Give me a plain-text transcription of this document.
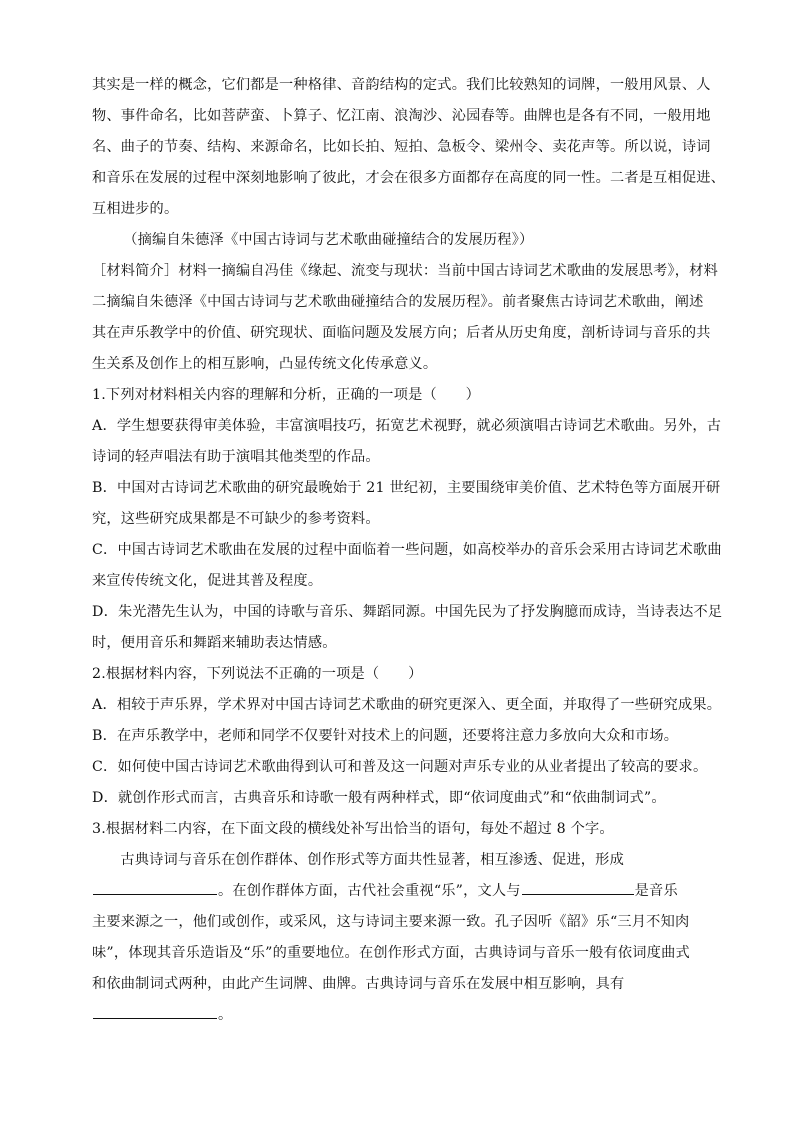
其实是一样的概念，它们都是一种格律、音韵结构的定式。我们比较熟知的词牌，一般用风景、人
物、事件命名，比如菩萨蛮、卜算子、忆江南、浪淘沙、沁园春等。曲牌也是各有不同，一般用地
名、曲子的节奏、结构、来源命名，比如长拍、短拍、急板令、梁州令、卖花声等。所以说，诗词
和音乐在发展的过程中深刻地影响了彼此，才会在很多方面都存在高度的同一性。二者是互相促进、
互相进步的。
（摘编自朱德泽《中国古诗词与艺术歌曲碰撞结合的发展历程》）
［材料简介］材料一摘编自冯佳《缘起、流变与现状：当前中国古诗词艺术歌曲的发展思考》，材料
二摘编自朱德泽《中国古诗词与艺术歌曲碰撞结合的发展历程》。前者聚焦古诗词艺术歌曲，阐述
其在声乐教学中的价值、研究现状、面临问题及发展方向；后者从历史角度，剖析诗词与音乐的共
生关系及创作上的相互影响，凸显传统文化传承意义。
1.下列对材料相关内容的理解和分析，正确的一项是（　　）
A．学生想要获得审美体验，丰富演唱技巧，拓宽艺术视野，就必须演唱古诗词艺术歌曲。另外，古
诗词的轻声唱法有助于演唱其他类型的作品。
B．中国对古诗词艺术歌曲的研究最晚始于 21 世纪初，主要围绕审美价值、艺术特色等方面展开研
究，这些研究成果都是不可缺少的参考资料。
C．中国古诗词艺术歌曲在发展的过程中面临着一些问题，如高校举办的音乐会采用古诗词艺术歌曲
来宣传传统文化，促进其普及程度。
D．朱光潜先生认为，中国的诗歌与音乐、舞蹈同源。中国先民为了抒发胸臆而成诗，当诗表达不足
时，便用音乐和舞蹈来辅助表达情感。
2.根据材料内容，下列说法不正确的一项是（　　）
A．相较于声乐界，学术界对中国古诗词艺术歌曲的研究更深入、更全面，并取得了一些研究成果。
B．在声乐教学中，老师和同学不仅要针对技术上的问题，还要将注意力多放向大众和市场。
C．如何使中国古诗词艺术歌曲得到认可和普及这一问题对声乐专业的从业者提出了较高的要求。
D．就创作形式而言，古典音乐和诗歌一般有两种样式，即“依词度曲式”和“依曲制词式”。
3.根据材料二内容，在下面文段的横线处补写出恰当的语句，每处不超过 8 个字。
古典诗词与音乐在创作群体、创作形式等方面共性显著，相互渗透、促进，形成
。在创作群体方面，古代社会重视“乐”，文人与	是音乐
主要来源之一，他们或创作，或采风，这与诗词主要来源一致。孔子因听《韶》乐“三月不知肉
味”，体现其音乐造诣及“乐”的重要地位。在创作形式方面，古典诗词与音乐一般有依词度曲式
和依曲制词式两种，由此产生词牌、曲牌。古典诗词与音乐在发展中相互影响，具有
。
